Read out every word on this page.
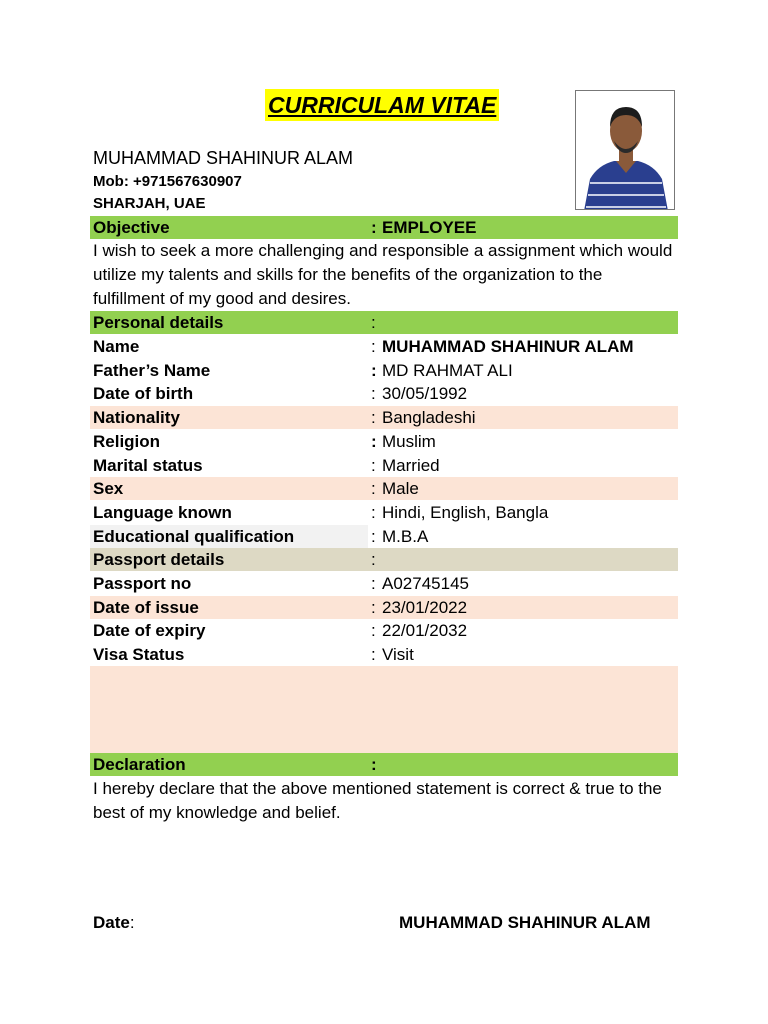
CURRICULAM VITAE
MUHAMMAD SHAHINUR ALAM
Mob: +971567630907
SHARJAH, UAE
Objective	: EMPLOYEE
I wish to seek a more challenging and responsible a assignment which would utilize my talents and skills for the benefits of the organization to the fulfillment of my good and desires.
Personal details	:
Name	: MUHAMMAD SHAHINUR ALAM
Father’s Name	: MD RAHMAT ALI
Date of birth	: 30/05/1992
Nationality	: Bangladeshi
Religion	: Muslim
Marital status	: Married
Sex	: Male
Language known	: Hindi, English, Bangla
Educational qualification	: M.B.A
Passport details	:
Passport no	: A02745145
Date of issue	: 23/01/2022
Date of expiry	: 22/01/2032
Visa Status	: Visit
Declaration	:
I hereby declare that the above mentioned statement is correct & true to the best of my knowledge and belief.
Date:	MUHAMMAD SHAHINUR ALAM
